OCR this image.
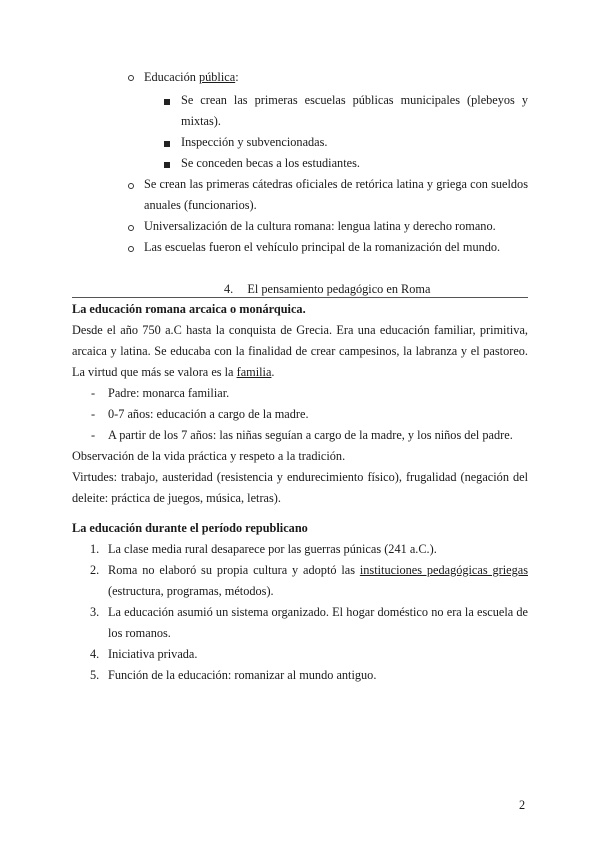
Educación pública:
Se crean las primeras escuelas públicas municipales (plebeyos y
mixtas).
Inspección y subvencionadas.
Se conceden becas a los estudiantes.
Se crean las primeras cátedras oficiales de retórica latina y griega con sueldos
anuales (funcionarios).
Universalización de la cultura romana: lengua latina y derecho romano.
Las escuelas fueron el vehículo principal de la romanización del mundo.
4. El pensamiento pedagógico en Roma
La educación romana arcaica o monárquica.
Desde el año 750 a.C hasta la conquista de Grecia. Era una educación familiar, primitiva,
arcaica y latina. Se educaba con la finalidad de crear campesinos, la labranza y el pastoreo.
La virtud que más se valora es la familia.
- Padre: monarca familiar.
- 0-7 años: educación a cargo de la madre.
- A partir de los 7 años: las niñas seguían a cargo de la madre, y los niños del padre.
Observación de la vida práctica y respeto a la tradición.
Virtudes: trabajo, austeridad (resistencia y endurecimiento físico), frugalidad (negación del
deleite: práctica de juegos, música, letras).
La educación durante el período republicano
1. La clase media rural desaparece por las guerras púnicas (241 a.C.).
2. Roma no elaboró su propia cultura y adoptó las instituciones pedagógicas griegas
(estructura, programas, métodos).
3. La educación asumió un sistema organizado. El hogar doméstico no era la escuela de
los romanos.
4. Iniciativa privada.
5. Función de la educación: romanizar al mundo antiguo.
2
